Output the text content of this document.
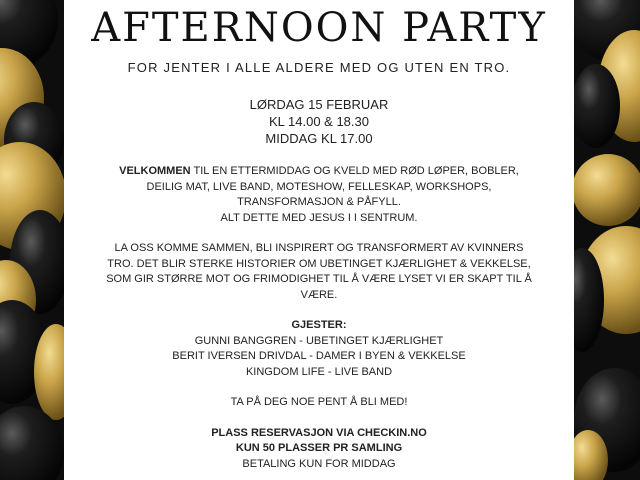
AFTERNOON PARTY
FOR JENTER I ALLE ALDERE MED OG UTEN EN TRO.
LØRDAG 15 FEBRUAR
KL 14.00 & 18.30
MIDDAG KL 17.00

VELKOMMEN TIL EN ETTERMIDDAG OG KVELD MED RØD LØPER, BOBLER,
DEILIG MAT, LIVE BAND, MOTESHOW, FELLESKAP, WORKSHOPS,
TRANSFORMASJON & PÅFYLL.
ALT DETTE MED JESUS I I SENTRUM.

LA OSS KOMME SAMMEN, BLI INSPIRERT OG TRANSFORMERT AV KVINNERS
TRO. DET BLIR STERKE HISTORIER OM UBETINGET KJÆRLIGHET & VEKKELSE,
SOM GIR STØRRE MOT OG FRIMODIGHET TIL Å VÆRE LYSET VI ER SKAPT TIL Å
VÆRE.

GJESTER:
GUNNI BANGGREN - UBETINGET KJÆRLIGHET
BERIT IVERSEN DRIVDAL - DAMER I BYEN & VEKKELSE
KINGDOM LIFE - LIVE BAND

TA PÅ DEG NOE PENT Å BLI MED!

PLASS RESERVASJON VIA CHECKIN.NO
KUN 50 PLASSER PR SAMLING
BETALING KUN FOR MIDDAG
